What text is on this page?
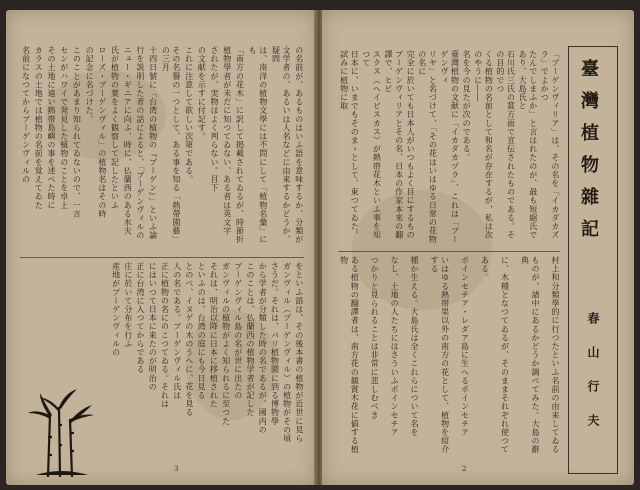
の名前が、あるものはいふ語を意味するか、分類が
文学者の、あるいは人名などに由来するかどうか、疑問
は、南洋の植物文學には不問にして「植物名彙」にも
「南方の花木」に訳して掲載されてゐるが、時節折
植物學者が未だに知つてゐない、ある者は英文字
されたが、実物はよく判らない。目下
の文献を示すに付記す。
これに注意して欲しい次第である。
その名譽の一つとして、ある事を知る「熱帶園藝」の三月
十四日號に「台湾の植物の『ブーゲン』」といふ論
行を説明した者の話によると、「ブーゲンヴィルの
ニュー・ギニアに向ふ、時に、仏蘭西のある水夫
氏が植物の葉をよく観察して記したといふ
ローズ・ブーゲンヴィル」の植物名はその時
の記念に名づけた。
このことがあまり知られてゐないので、一言
センがハワイで発見した植物のことを卓上
その土地に遠い熱帯島嶼の事を述べた時に
カラスの土地では植物の名前を覚えてゐた
名前になつてからブーゲンヴィルの
をといふ語は、その後本書の植物が近世に見ら
ガンヴィル（ブーゲンヴィル）の植物がその頃
さうだ。それは、パリ植物園に到る博物學
から学者が分類した時の名であるが、國内の
このことは、仏蘭西の植物学者が記した
ブーゲンヴィル島の名が世に出たの
ガンヴィルの植物がよく知られるに至つた
それは、明治以降に日本に移植された
といふのは、台湾の庭にも今日見る
とのべ、イヌゲの木のうへに、花を見る
人の名である。ブーゲンヴィル氏は
正に植物の名にのこつてゐる。それは
にはいつて日本に来たのが明治の
正に台湾に入つてからである
庄に於いて分布を行ふ
産地がブーゲンヴィルの
3
「ブーゲンヴィリア」は、その名を「イカダカズラ」でよかつ
たんでしまふか」と言はれたのが、最も短縮氏であり、大島氏と
石川氏三氏の賞方面で宣伝されたものである。その目的でつ
くる植物の名前として和名が存在するが、私は次のやうに――
名を今の見たが次のである。
臺灣植物の文献に「イカダカヅラ」、これは「ブーゲンヴィ
リヤ」と名づけて、「その花はいはゆる日常の花物の名に
完全に於いても日本人がいつもよく目にするもの
ブーゲンヴィリアとその名、日本の作家本来の翻譯で、ヒビ
スクス（ヘイビスカス）が熱帯花木といふ事を知つて
日本に、いまでもそのまゝとして、東つてゐた。試みに植物に取
村上和分類學的に行つたといふ名前の由来してゐる
ものが、諸中にあるかどうか調べてみた。大島の辭典
に、木種となつてゐるが、そのままそれぞれ使つて
ある。
ポインセチア・レダア島に生へるポインセチア
いはゆる熱帯果以外の南方の花として、植物を紹介する
種か生える。大島氏は全くこれらについて名を
なし、土地の人たちにはさういふポインセチア
つかりと見られることは非常に悲しむべき
ある植物の翻譯者は、南方花の観賞木花に値する植物
臺灣植物雜記
春山行夫
2
